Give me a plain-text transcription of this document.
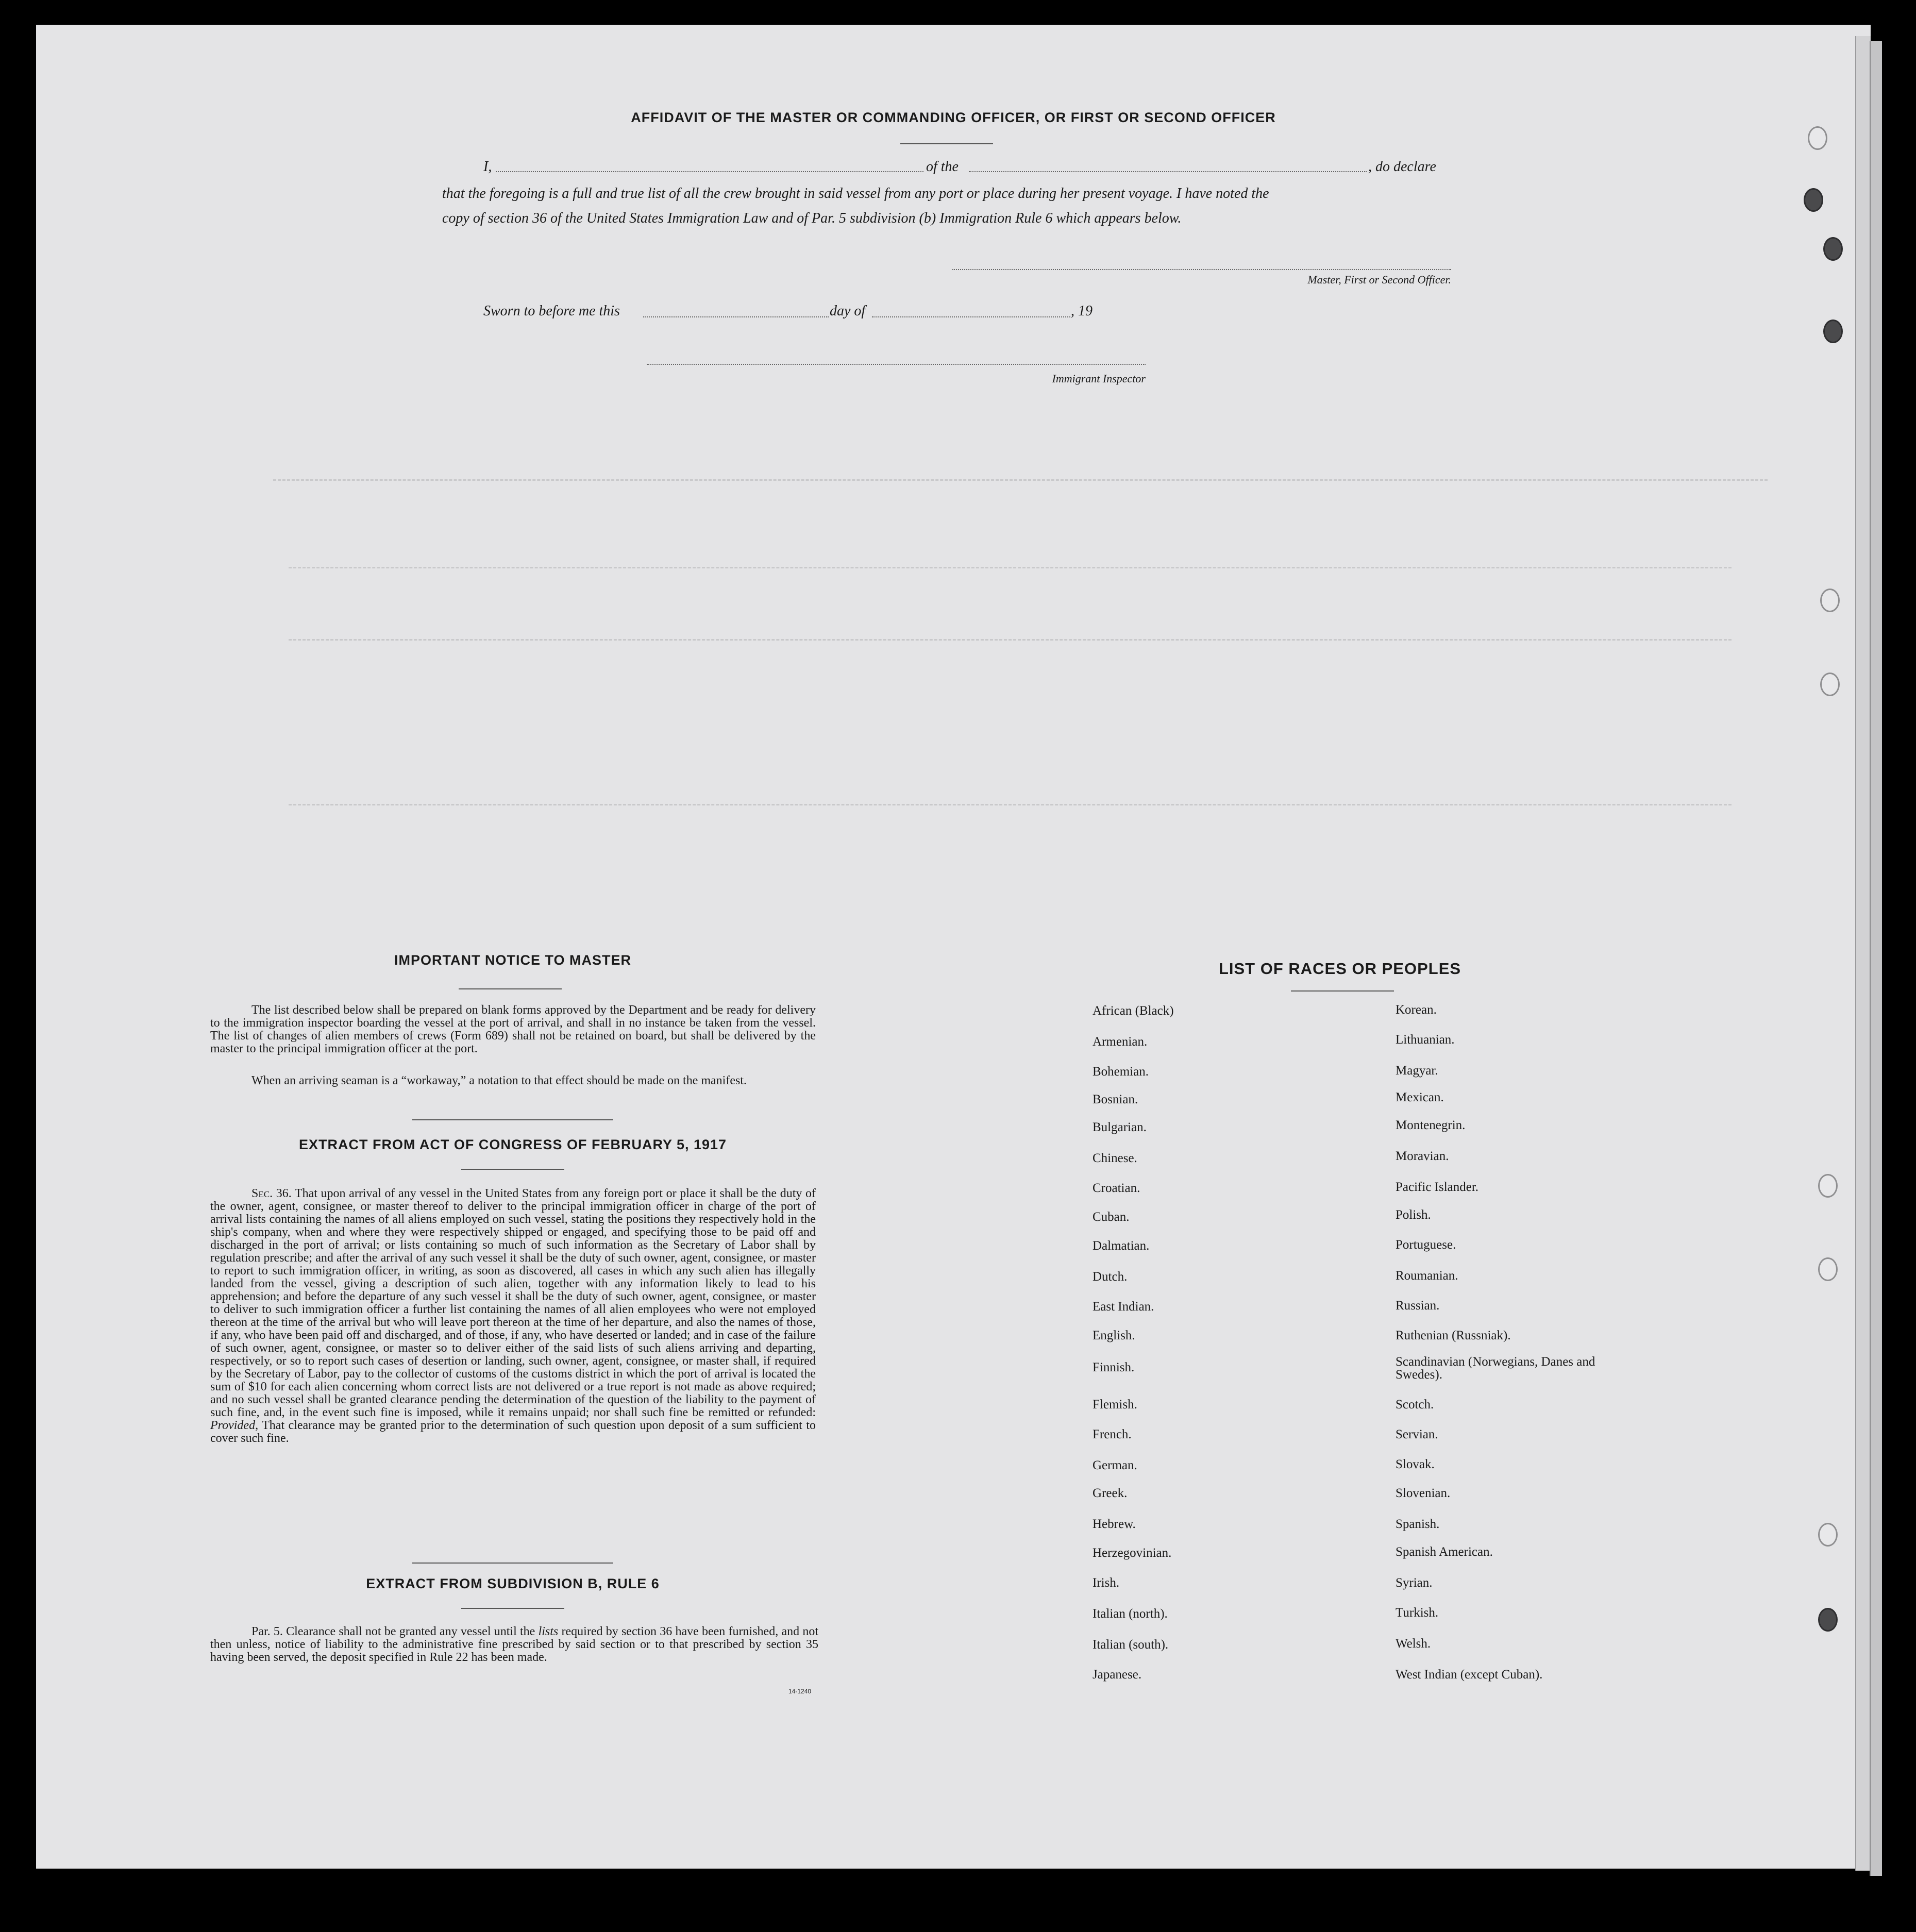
AFFIDAVIT OF THE MASTER OR COMMANDING OFFICER, OR FIRST OR SECOND OFFICER
I,	of the	, do declare
that the foregoing is a full and true list of all the crew brought in said vessel from any port or place during her present voyage. I have noted the
copy of section 36 of the United States Immigration Law and of Par. 5 subdivision (b) Immigration Rule 6 which appears below.
Master, First or Second Officer.
Sworn to before me this	day of	, 19
Immigrant Inspector
IMPORTANT NOTICE TO MASTER
The list described below shall be prepared on blank forms approved by the Department and be ready for delivery to the immigration inspector boarding the vessel at the port of arrival, and shall in no instance be taken from the vessel. The list of changes of alien members of crews (Form 689) shall not be retained on board, but shall be delivered by the master to the principal immigration officer at the port.
When an arriving seaman is a “workaway,” a notation to that effect should be made on the manifest.
EXTRACT FROM ACT OF CONGRESS OF FEBRUARY 5, 1917
Sec. 36. That upon arrival of any vessel in the United States from any foreign port or place it shall be the duty of the owner, agent, consignee, or master thereof to deliver to the principal immigration officer in charge of the port of arrival lists containing the names of all aliens employed on such vessel, stating the positions they respectively hold in the ship's company, when and where they were respectively shipped or engaged, and specifying those to be paid off and discharged in the port of arrival; or lists containing so much of such information as the Secretary of Labor shall by regulation prescribe; and after the arrival of any such vessel it shall be the duty of such owner, agent, consignee, or master to report to such immigration officer, in writing, as soon as discovered, all cases in which any such alien has illegally landed from the vessel, giving a description of such alien, together with any information likely to lead to his apprehension; and before the departure of any such vessel it shall be the duty of such owner, agent, consignee, or master to deliver to such immigration officer a further list containing the names of all alien employees who were not employed thereon at the time of the arrival but who will leave port thereon at the time of her departure, and also the names of those, if any, who have been paid off and discharged, and of those, if any, who have deserted or landed; and in case of the failure of such owner, agent, consignee, or master so to deliver either of the said lists of such aliens arriving and departing, respectively, or so to report such cases of desertion or landing, such owner, agent, consignee, or master shall, if required by the Secretary of Labor, pay to the collector of customs of the customs district in which the port of arrival is located the sum of $10 for each alien concerning whom correct lists are not delivered or a true report is not made as above required; and no such vessel shall be granted clearance pending the determination of the question of the liability to the payment of such fine, and, in the event such fine is imposed, while it remains unpaid; nor shall such fine be remitted or refunded: Provided, That clearance may be granted prior to the determination of such question upon deposit of a sum sufficient to cover such fine.
EXTRACT FROM SUBDIVISION B, RULE 6
Par. 5. Clearance shall not be granted any vessel until the lists required by section 36 have been furnished, and not then unless, notice of liability to the administrative fine prescribed by said section or to that prescribed by section 35 having been served, the deposit specified in Rule 22 has been made.
14-1240
LIST OF RACES OR PEOPLES
African (Black)
Armenian.
Bohemian.
Bosnian.
Bulgarian.
Chinese.
Croatian.
Cuban.
Dalmatian.
Dutch.
East Indian.
English.
Finnish.
Flemish.
French.
German.
Greek.
Hebrew.
Herzegovinian.
Irish.
Italian (north).
Italian (south).
Japanese.
Korean.
Lithuanian.
Magyar.
Mexican.
Montenegrin.
Moravian.
Pacific Islander.
Polish.
Portuguese.
Roumanian.
Russian.
Ruthenian (Russniak).
Scandinavian (Norwegians, Danes and Swedes).
Scotch.
Servian.
Slovak.
Slovenian.
Spanish.
Spanish American.
Syrian.
Turkish.
Welsh.
West Indian (except Cuban).
